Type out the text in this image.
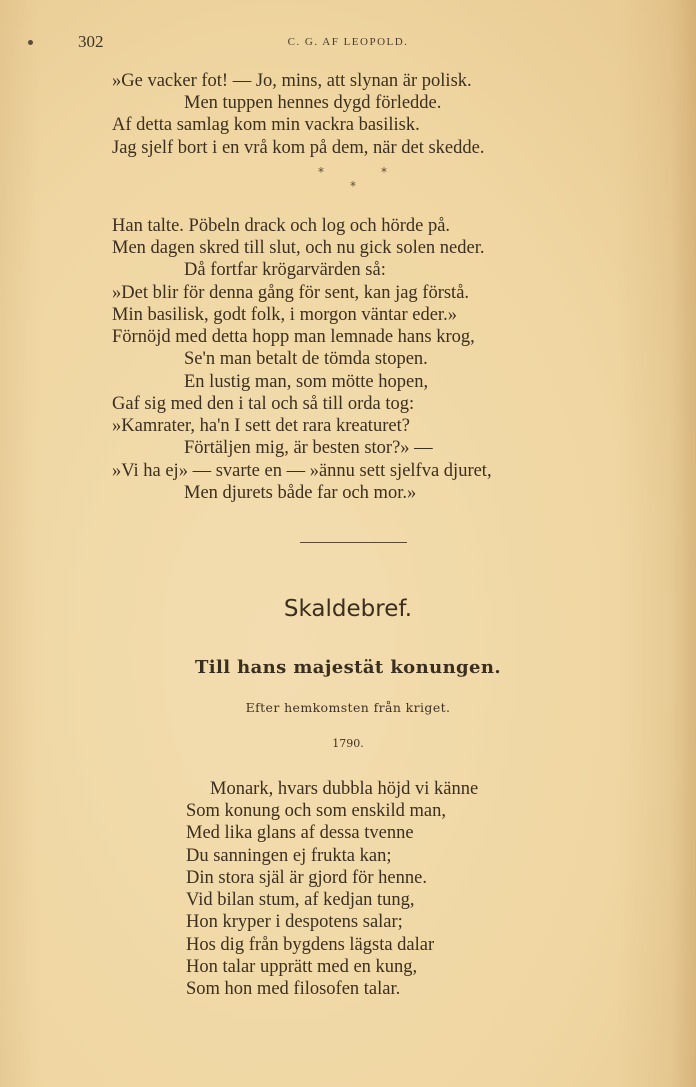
302	C. G. AF LEOPOLD.
»Ge vacker fot! — Jo, mins, att slynan är polisk.
Men tuppen hennes dygd förledde.
Af detta samlag kom min vackra basilisk.
Jag sjelf bort i en vrå kom på dem, när det skedde.
*	*
*
Han talte. Pöbeln drack och log och hörde på.
Men dagen skred till slut, och nu gick solen neder.
Då fortfar krögarvärden så:
»Det blir för denna gång för sent, kan jag förstå.
Min basilisk, godt folk, i morgon väntar eder.»
Förnöjd med detta hopp man lemnade hans krog,
Se'n man betalt de tömda stopen.
En lustig man, som mötte hopen,
Gaf sig med den i tal och så till orda tog:
»Kamrater, ha'n I sett det rara kreaturet?
Förtäljen mig, är besten stor?» —
»Vi ha ej» — svarte en — »ännu sett sjelfva djuret,
Men djurets både far och mor.»
Skaldebref.
Till hans majestät konungen.
Efter hemkomsten från kriget.
1790.
Monark, hvars dubbla höjd vi känne
Som konung och som enskild man,
Med lika glans af dessa tvenne
Du sanningen ej frukta kan;
Din stora själ är gjord för henne.
Vid bilan stum, af kedjan tung,
Hon kryper i despotens salar;
Hos dig från bygdens lägsta dalar
Hon talar upprätt med en kung,
Som hon med filosofen talar.
